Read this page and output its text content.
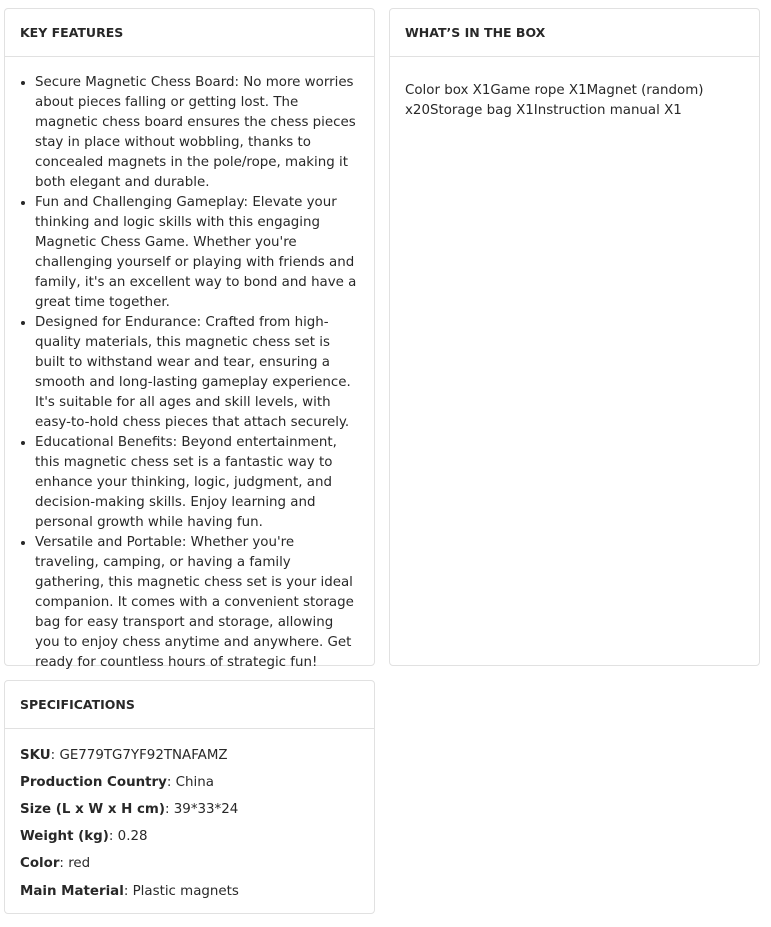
KEY FEATURES
• Secure Magnetic Chess Board: No more worries about pieces falling or getting lost. The magnetic chess board ensures the chess pieces stay in place without wobbling, thanks to concealed magnets in the pole/rope, making it both elegant and durable.
• Fun and Challenging Gameplay: Elevate your thinking and logic skills with this engaging Magnetic Chess Game. Whether you're challenging yourself or playing with friends and family, it's an excellent way to bond and have a great time together.
• Designed for Endurance: Crafted from high-quality materials, this magnetic chess set is built to withstand wear and tear, ensuring a smooth and long-lasting gameplay experience. It's suitable for all ages and skill levels, with easy-to-hold chess pieces that attach securely.
• Educational Benefits: Beyond entertainment, this magnetic chess set is a fantastic way to enhance your thinking, logic, judgment, and decision-making skills. Enjoy learning and personal growth while having fun.
• Versatile and Portable: Whether you're traveling, camping, or having a family gathering, this magnetic chess set is your ideal companion. It comes with a convenient storage bag for easy transport and storage, allowing you to enjoy chess anytime and anywhere. Get ready for countless hours of strategic fun!
WHAT’S IN THE BOX

Color box X1Game rope X1Magnet (random) x20Storage bag X1Instruction manual X1

SPECIFICATIONS
SKU : GE779TG7YF92TNAFAMZ
Production Country : China
Size (L x W x H cm) : 39*33*24
Weight (kg) : 0.28
Color : red
Main Material : Plastic magnets
